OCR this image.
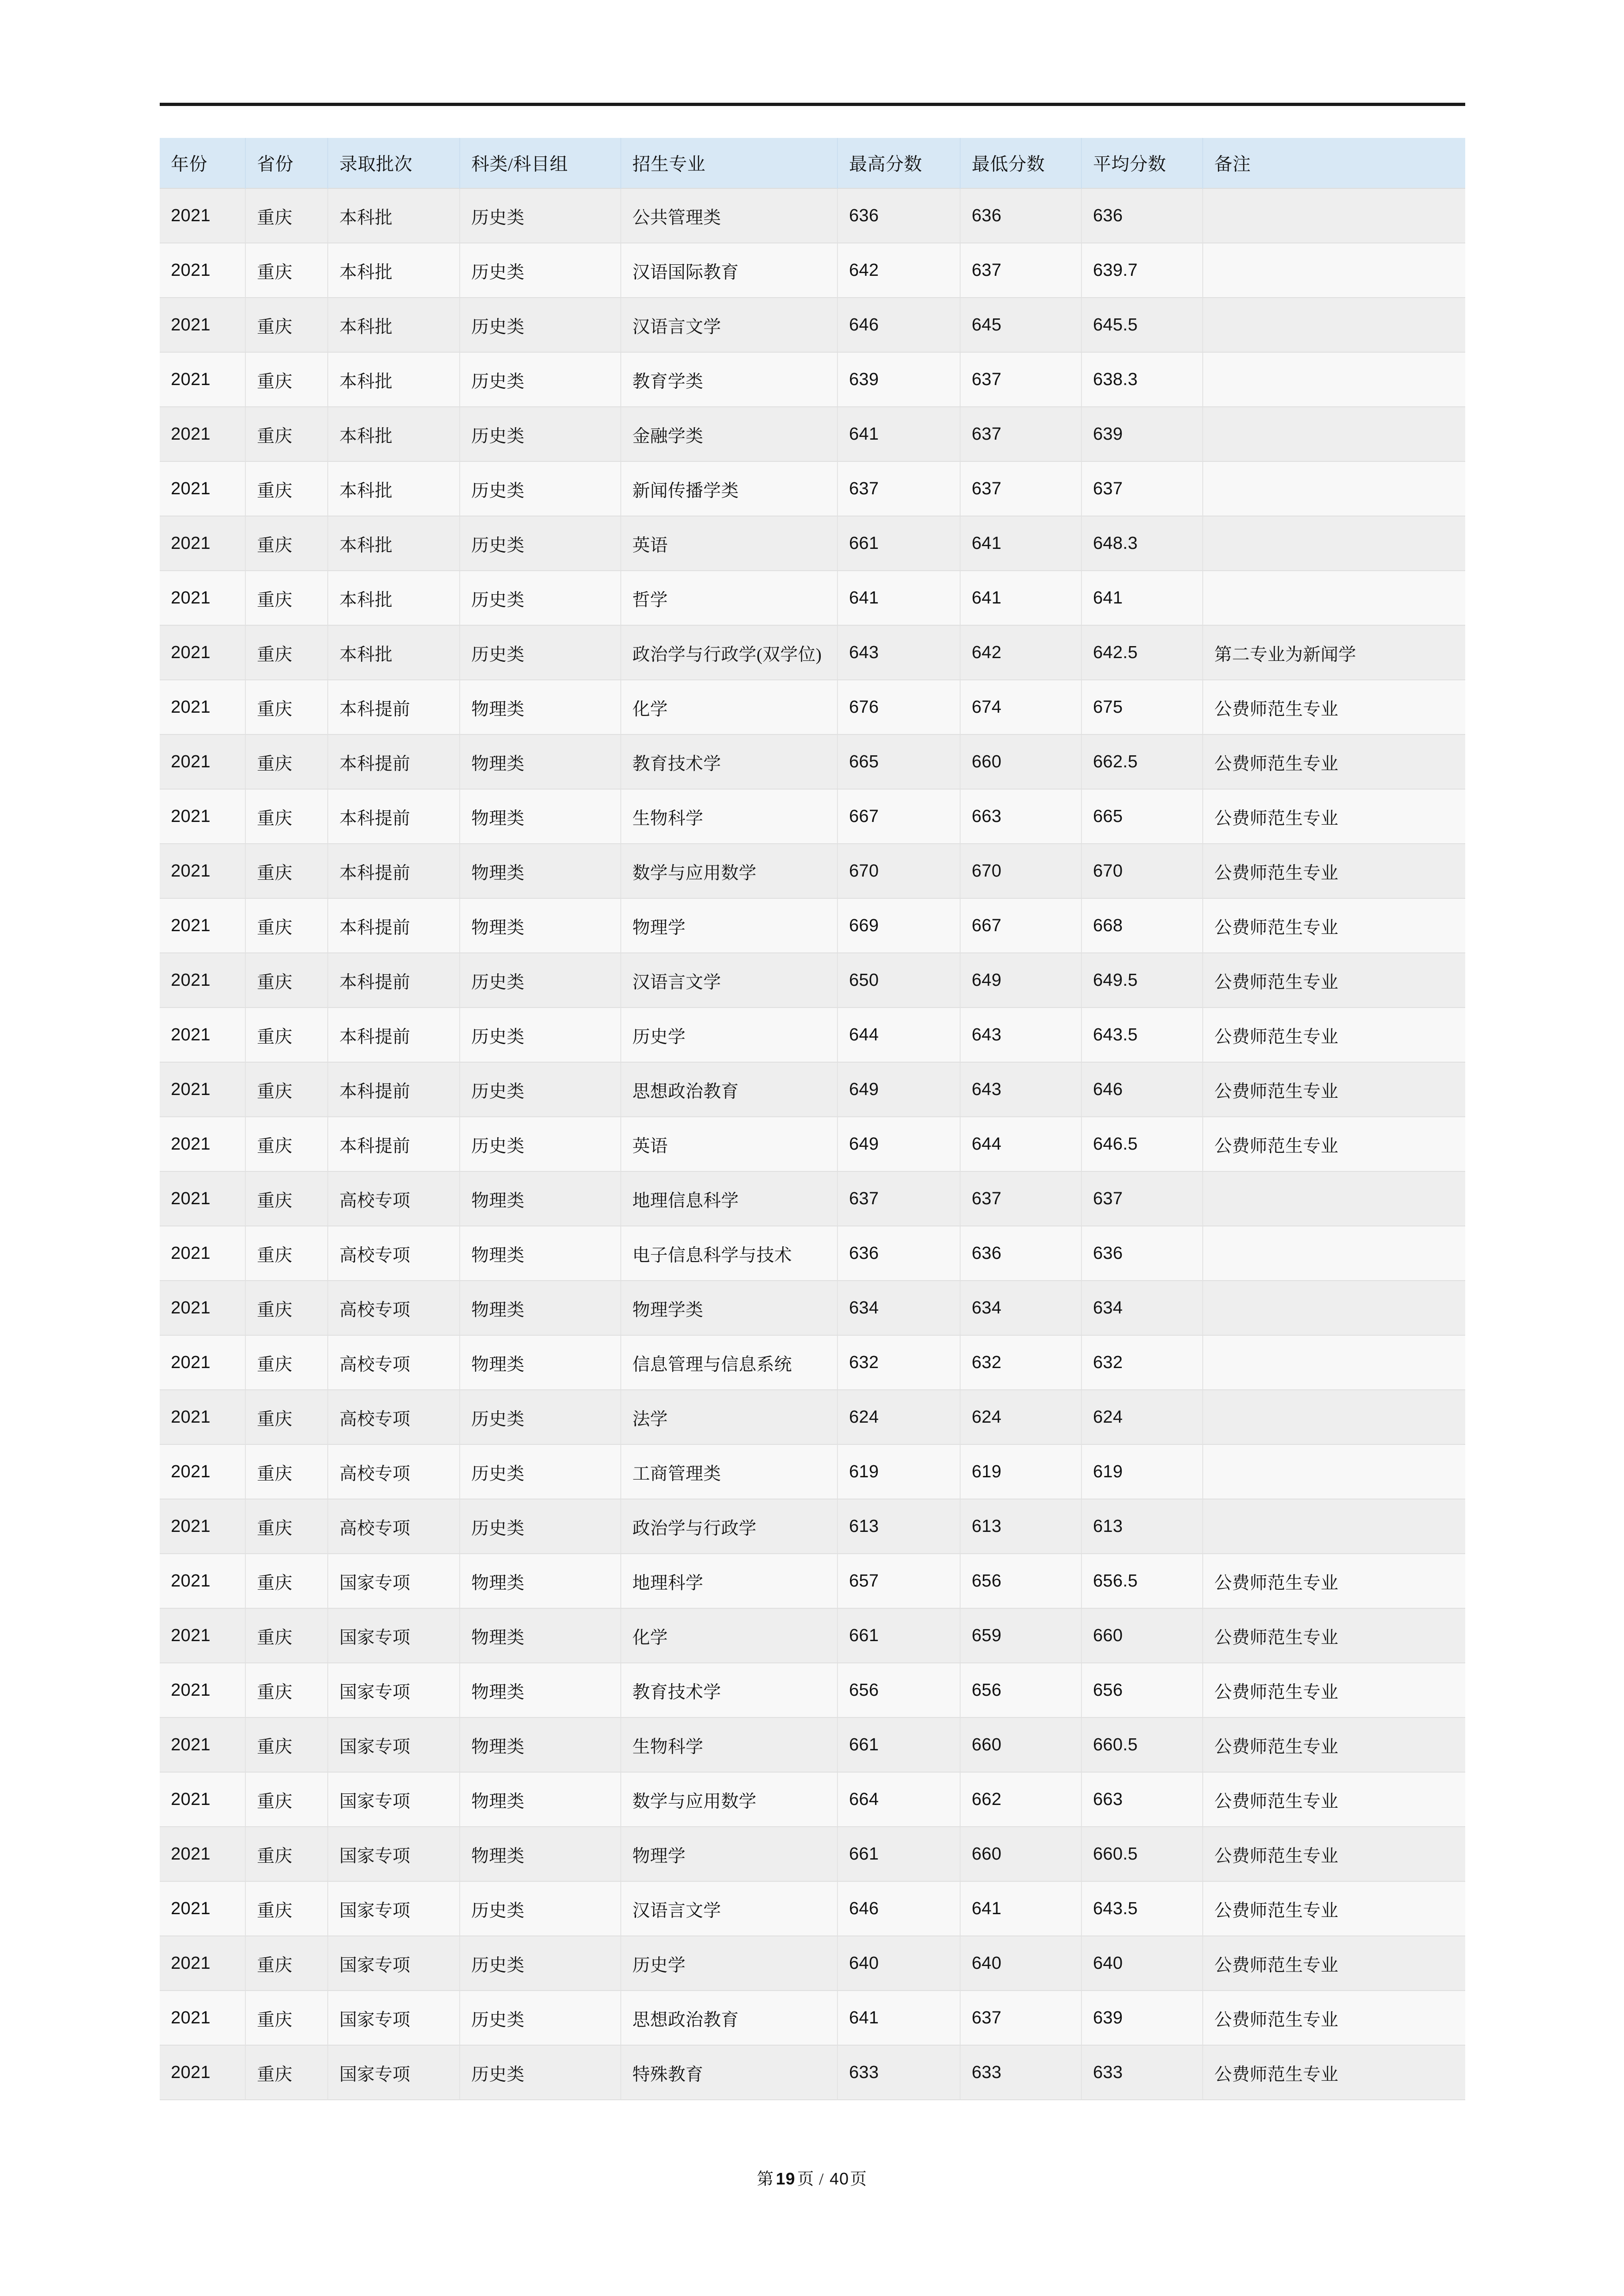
年份	省份	录取批次	科类/科目组	招生专业	最高分数	最低分数	平均分数	备注
2021	重庆	本科批	历史类	公共管理类	636	636	636	
2021	重庆	本科批	历史类	汉语国际教育	642	637	639.7	
2021	重庆	本科批	历史类	汉语言文学	646	645	645.5	
2021	重庆	本科批	历史类	教育学类	639	637	638.3	
2021	重庆	本科批	历史类	金融学类	641	637	639	
2021	重庆	本科批	历史类	新闻传播学类	637	637	637	
2021	重庆	本科批	历史类	英语	661	641	648.3	
2021	重庆	本科批	历史类	哲学	641	641	641	
2021	重庆	本科批	历史类	政治学与行政学(双学位)	643	642	642.5	第二专业为新闻学
2021	重庆	本科提前	物理类	化学	676	674	675	公费师范生专业
2021	重庆	本科提前	物理类	教育技术学	665	660	662.5	公费师范生专业
2021	重庆	本科提前	物理类	生物科学	667	663	665	公费师范生专业
2021	重庆	本科提前	物理类	数学与应用数学	670	670	670	公费师范生专业
2021	重庆	本科提前	物理类	物理学	669	667	668	公费师范生专业
2021	重庆	本科提前	历史类	汉语言文学	650	649	649.5	公费师范生专业
2021	重庆	本科提前	历史类	历史学	644	643	643.5	公费师范生专业
2021	重庆	本科提前	历史类	思想政治教育	649	643	646	公费师范生专业
2021	重庆	本科提前	历史类	英语	649	644	646.5	公费师范生专业
2021	重庆	高校专项	物理类	地理信息科学	637	637	637	
2021	重庆	高校专项	物理类	电子信息科学与技术	636	636	636	
2021	重庆	高校专项	物理类	物理学类	634	634	634	
2021	重庆	高校专项	物理类	信息管理与信息系统	632	632	632	
2021	重庆	高校专项	历史类	法学	624	624	624	
2021	重庆	高校专项	历史类	工商管理类	619	619	619	
2021	重庆	高校专项	历史类	政治学与行政学	613	613	613	
2021	重庆	国家专项	物理类	地理科学	657	656	656.5	公费师范生专业
2021	重庆	国家专项	物理类	化学	661	659	660	公费师范生专业
2021	重庆	国家专项	物理类	教育技术学	656	656	656	公费师范生专业
2021	重庆	国家专项	物理类	生物科学	661	660	660.5	公费师范生专业
2021	重庆	国家专项	物理类	数学与应用数学	664	662	663	公费师范生专业
2021	重庆	国家专项	物理类	物理学	661	660	660.5	公费师范生专业
2021	重庆	国家专项	历史类	汉语言文学	646	641	643.5	公费师范生专业
2021	重庆	国家专项	历史类	历史学	640	640	640	公费师范生专业
2021	重庆	国家专项	历史类	思想政治教育	641	637	639	公费师范生专业
2021	重庆	国家专项	历史类	特殊教育	633	633	633	公费师范生专业
第 19 页 / 40页
